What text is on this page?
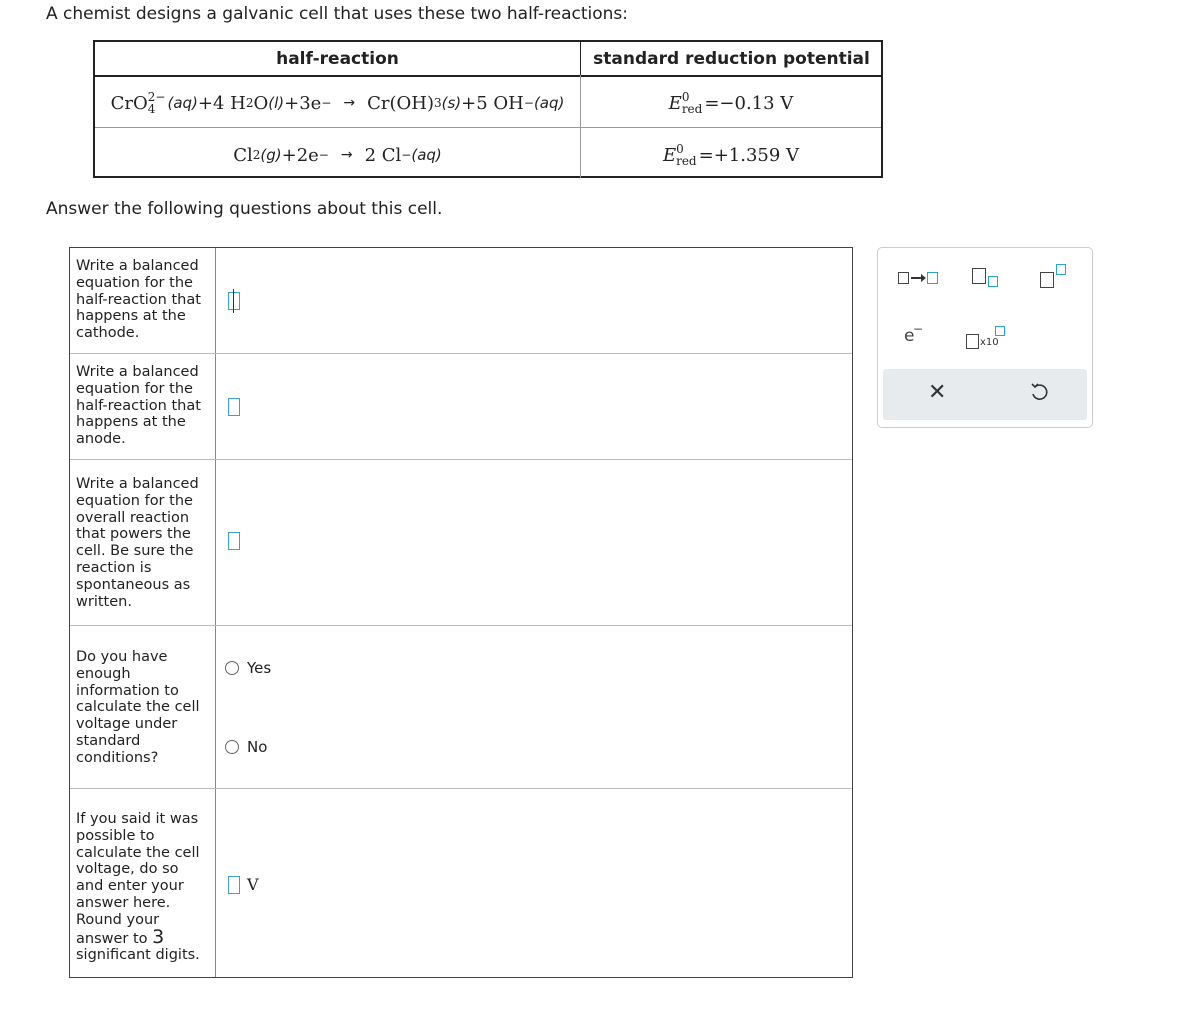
A chemist designs a galvanic cell that uses these two half-reactions:
half-reaction	standard reduction potential
CrO 2−
4 (aq) +4 H 2 O (l) +3e − → Cr(OH) 3 (s) +5 OH − (aq)	E 0
red =−0.13 V
Cl 2 (g) +2e − → 2 Cl − (aq)	E 0
red =+1.359 V
Answer the following questions about this cell.
Write a balanced equation for the half-reaction that happens at the cathode.
Write a balanced equation for the half-reaction that happens at the anode.
Write a balanced equation for the overall reaction that powers the cell. Be sure the reaction is spontaneous as written.
Do you have enough information to calculate the cell voltage under standard conditions?
Yes
No
If you said it was possible to calculate the cell voltage, do so and enter your answer here. Round your answer to 3
significant digits.
V
e
−
x10
✕
